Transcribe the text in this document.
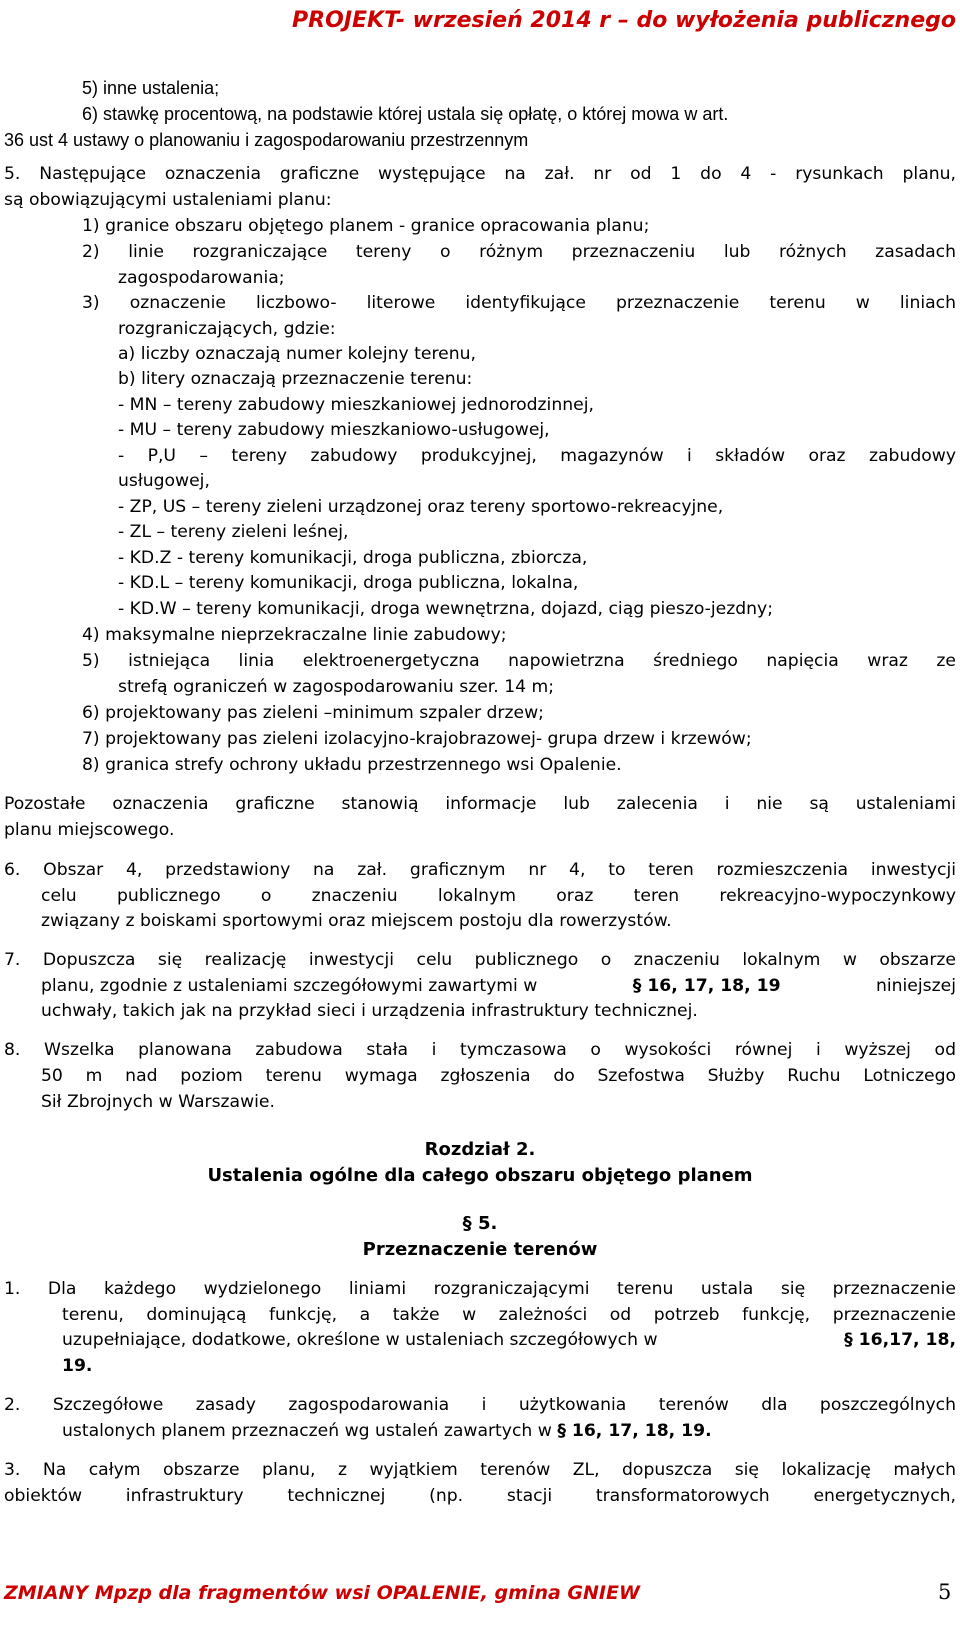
PROJEKT- wrzesień 2014 r – do wyłożenia publicznego
5) inne ustalenia;
6) stawkę procentową, na podstawie której ustala się opłatę, o której mowa w art.
36 ust 4 ustawy o planowaniu i zagospodarowaniu przestrzennym
5. Następujące oznaczenia graficzne występujące na zał. nr od 1 do 4 - rysunkach planu,
są obowiązującymi ustaleniami planu:
1) granice obszaru objętego planem - granice opracowania planu;
2) linie rozgraniczające tereny o różnym przeznaczeniu lub różnych zasadach
zagospodarowania;
3) oznaczenie liczbowo- literowe identyfikujące przeznaczenie terenu w liniach
rozgraniczających, gdzie:
a) liczby oznaczają numer kolejny terenu,
b) litery oznaczają przeznaczenie terenu:
- MN – tereny zabudowy mieszkaniowej jednorodzinnej,
- MU – tereny zabudowy mieszkaniowo-usługowej,
- P,U – tereny zabudowy produkcyjnej, magazynów i składów oraz zabudowy
usługowej,
- ZP, US – tereny zieleni urządzonej oraz tereny sportowo-rekreacyjne,
- ZL – tereny zieleni leśnej,
- KD.Z - tereny komunikacji, droga publiczna, zbiorcza,
- KD.L – tereny komunikacji, droga publiczna, lokalna,
- KD.W – tereny komunikacji, droga wewnętrzna, dojazd, ciąg pieszo-jezdny;
4) maksymalne nieprzekraczalne linie zabudowy;
5) istniejąca linia elektroenergetyczna napowietrzna średniego napięcia wraz ze
strefą ograniczeń w zagospodarowaniu szer. 14 m;
6) projektowany pas zieleni –minimum szpaler drzew;
7) projektowany pas zieleni izolacyjno-krajobrazowej- grupa drzew i krzewów;
8) granica strefy ochrony układu przestrzennego wsi Opalenie.
Pozostałe oznaczenia graficzne stanowią informacje lub zalecenia i nie są ustaleniami
planu miejscowego.
6. Obszar 4, przedstawiony na zał. graficznym nr 4, to teren rozmieszczenia inwestycji
celu publicznego o znaczeniu lokalnym oraz teren rekreacyjno-wypoczynkowy
związany z boiskami sportowymi oraz miejscem postoju dla rowerzystów.
7. Dopuszcza się realizację inwestycji celu publicznego o znaczeniu lokalnym w obszarze
planu, zgodnie z ustaleniami szczegółowymi zawartymi w	§ 16, 17, 18, 19	niniejszej
uchwały, takich jak na przykład sieci i urządzenia infrastruktury technicznej.
8. Wszelka planowana zabudowa stała i tymczasowa o wysokości równej i wyższej od
50 m nad poziom terenu wymaga zgłoszenia do Szefostwa Służby Ruchu Lotniczego
Sił Zbrojnych w Warszawie.
Rozdział 2.
Ustalenia ogólne dla całego obszaru objętego planem
§ 5.
Przeznaczenie terenów
1. Dla każdego wydzielonego liniami rozgraniczającymi terenu ustala się przeznaczenie
terenu, dominującą funkcję, a także w zależności od potrzeb funkcję, przeznaczenie
uzupełniające, dodatkowe, określone w ustaleniach szczegółowych w	§ 16,17, 18,
19.
2. Szczegółowe zasady zagospodarowania i użytkowania terenów dla poszczególnych
ustalonych planem przeznaczeń wg ustaleń zawartych w § 16, 17, 18, 19.
3. Na całym obszarze planu, z wyjątkiem terenów ZL, dopuszcza się lokalizację małych
obiektów infrastruktury technicznej (np. stacji transformatorowych energetycznych,
ZMIANY Mpzp dla fragmentów wsi OPALENIE, gmina GNIEW	5
